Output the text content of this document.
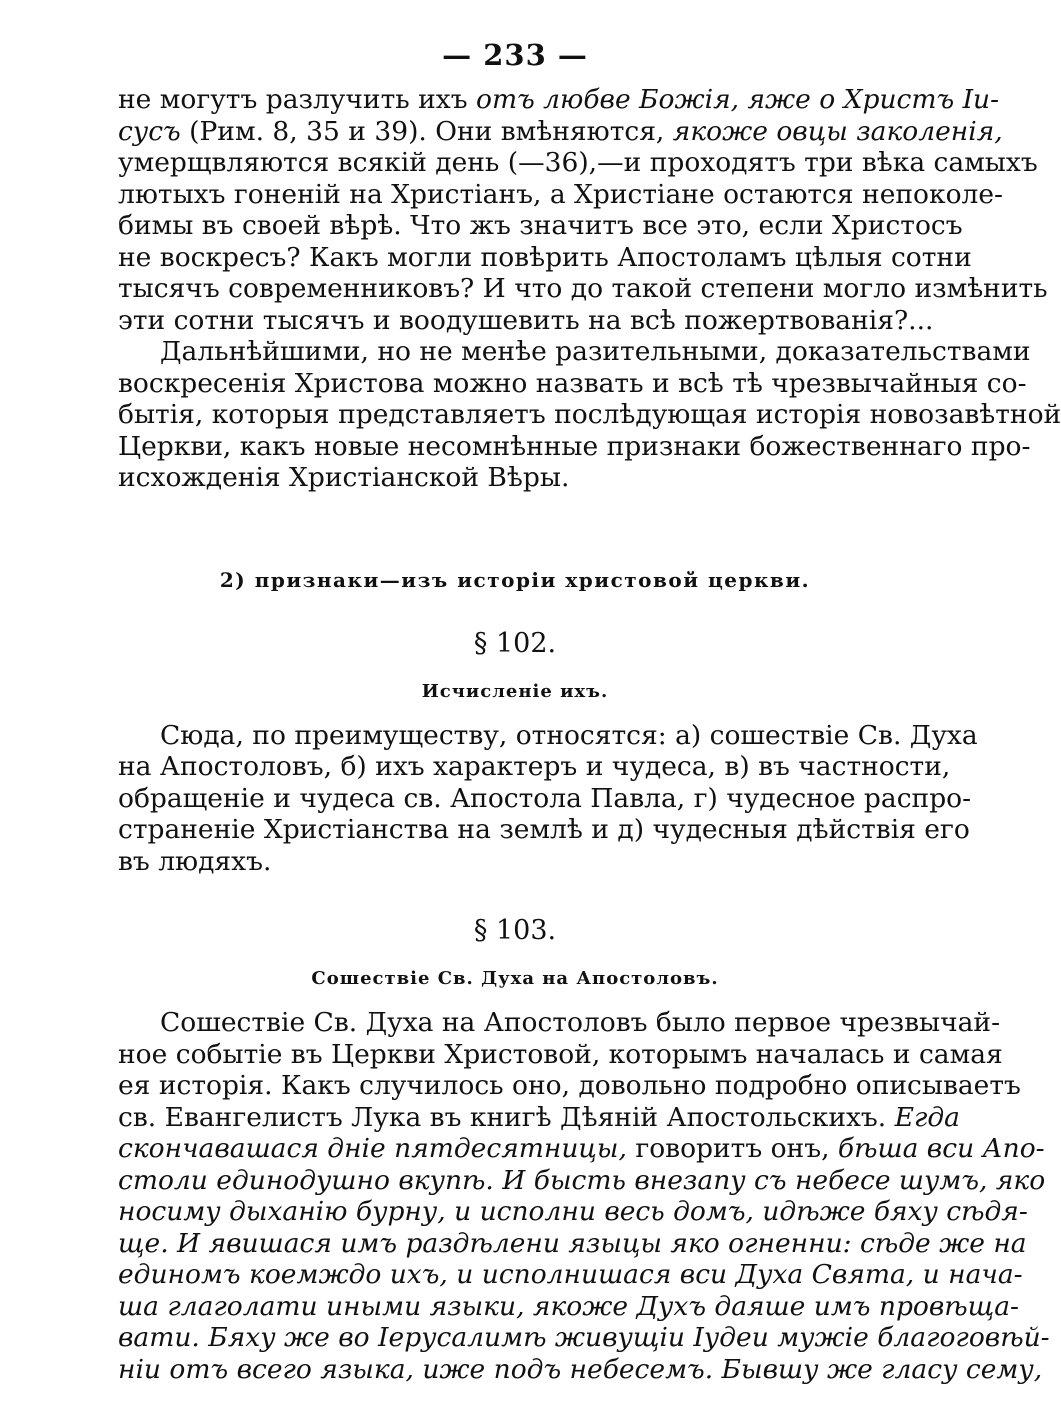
— 233 —
не могутъ разлучить ихъ отъ любве Божія, яже о Христъ Іи-
сусъ (Рим. 8, 35 и 39). Они вмѣняются, якоже овцы заколенія,
умерщвляются всякій день (—36),—и проходятъ три вѣка самыхъ
лютыхъ гоненій на Христіанъ, а Христіане остаются непоколе-
бимы въ своей вѣрѣ. Что жъ значитъ все это, если Христосъ
не воскресъ? Какъ могли повѣрить Апостоламъ цѣлыя сотни
тысячъ современниковъ? И что до такой степени могло измѣнить
эти сотни тысячъ и воодушевить на всѣ пожертвованія?...
Дальнѣйшими, но не менѣе разительными, доказательствами
воскресенія Христова можно назвать и всѣ тѣ чрезвычайныя со-
бытія, которыя представляетъ послѣдующая исторія новозавѣтной
Церкви, какъ новые несомнѣнные признаки божественнаго про-
исхожденія Христіанской Вѣры.
2) признаки—изъ исторіи христовой церкви.
§ 102.
Исчисленіе ихъ.
Сюда, по преимуществу, относятся: а) сошествіе Св. Духа
на Апостоловъ, б) ихъ характеръ и чудеса, в) въ частности,
обращеніе и чудеса св. Апостола Павла, г) чудесное распро-
страненіе Христіанства на землѣ и д) чудесныя дѣйствія его
въ людяхъ.
§ 103.
Сошествіе Св. Духа на Апостоловъ.
Сошествіе Св. Духа на Апостоловъ было первое чрезвычай-
ное событіе въ Церкви Христовой, которымъ началась и самая
ея исторія. Какъ случилось оно, довольно подробно описываетъ
св. Евангелистъ Лука въ книгѣ Дѣяній Апостольскихъ. Егда
скончавашася дніе пятдесятницы, говоритъ онъ, бѣша вси Апо-
столи единодушно вкупѣ. И бысть внезапу съ небесе шумъ, яко
носиму дыханію бурну, и исполни весь домъ, идѣже бяху сѣдя-
ще. И явишася имъ раздѣлени языцы яко огненни: сѣде же на
единомъ коемждо ихъ, и исполнишася вси Духа Свята, и нача-
ша глаголати иными языки, якоже Духъ даяше имъ провѣща-
вати. Бяху же во Іерусалимѣ живущіи Іудеи мужіе благоговѣй-
ніи отъ всего языка, иже подъ небесемъ. Бывшу же гласу сему,
